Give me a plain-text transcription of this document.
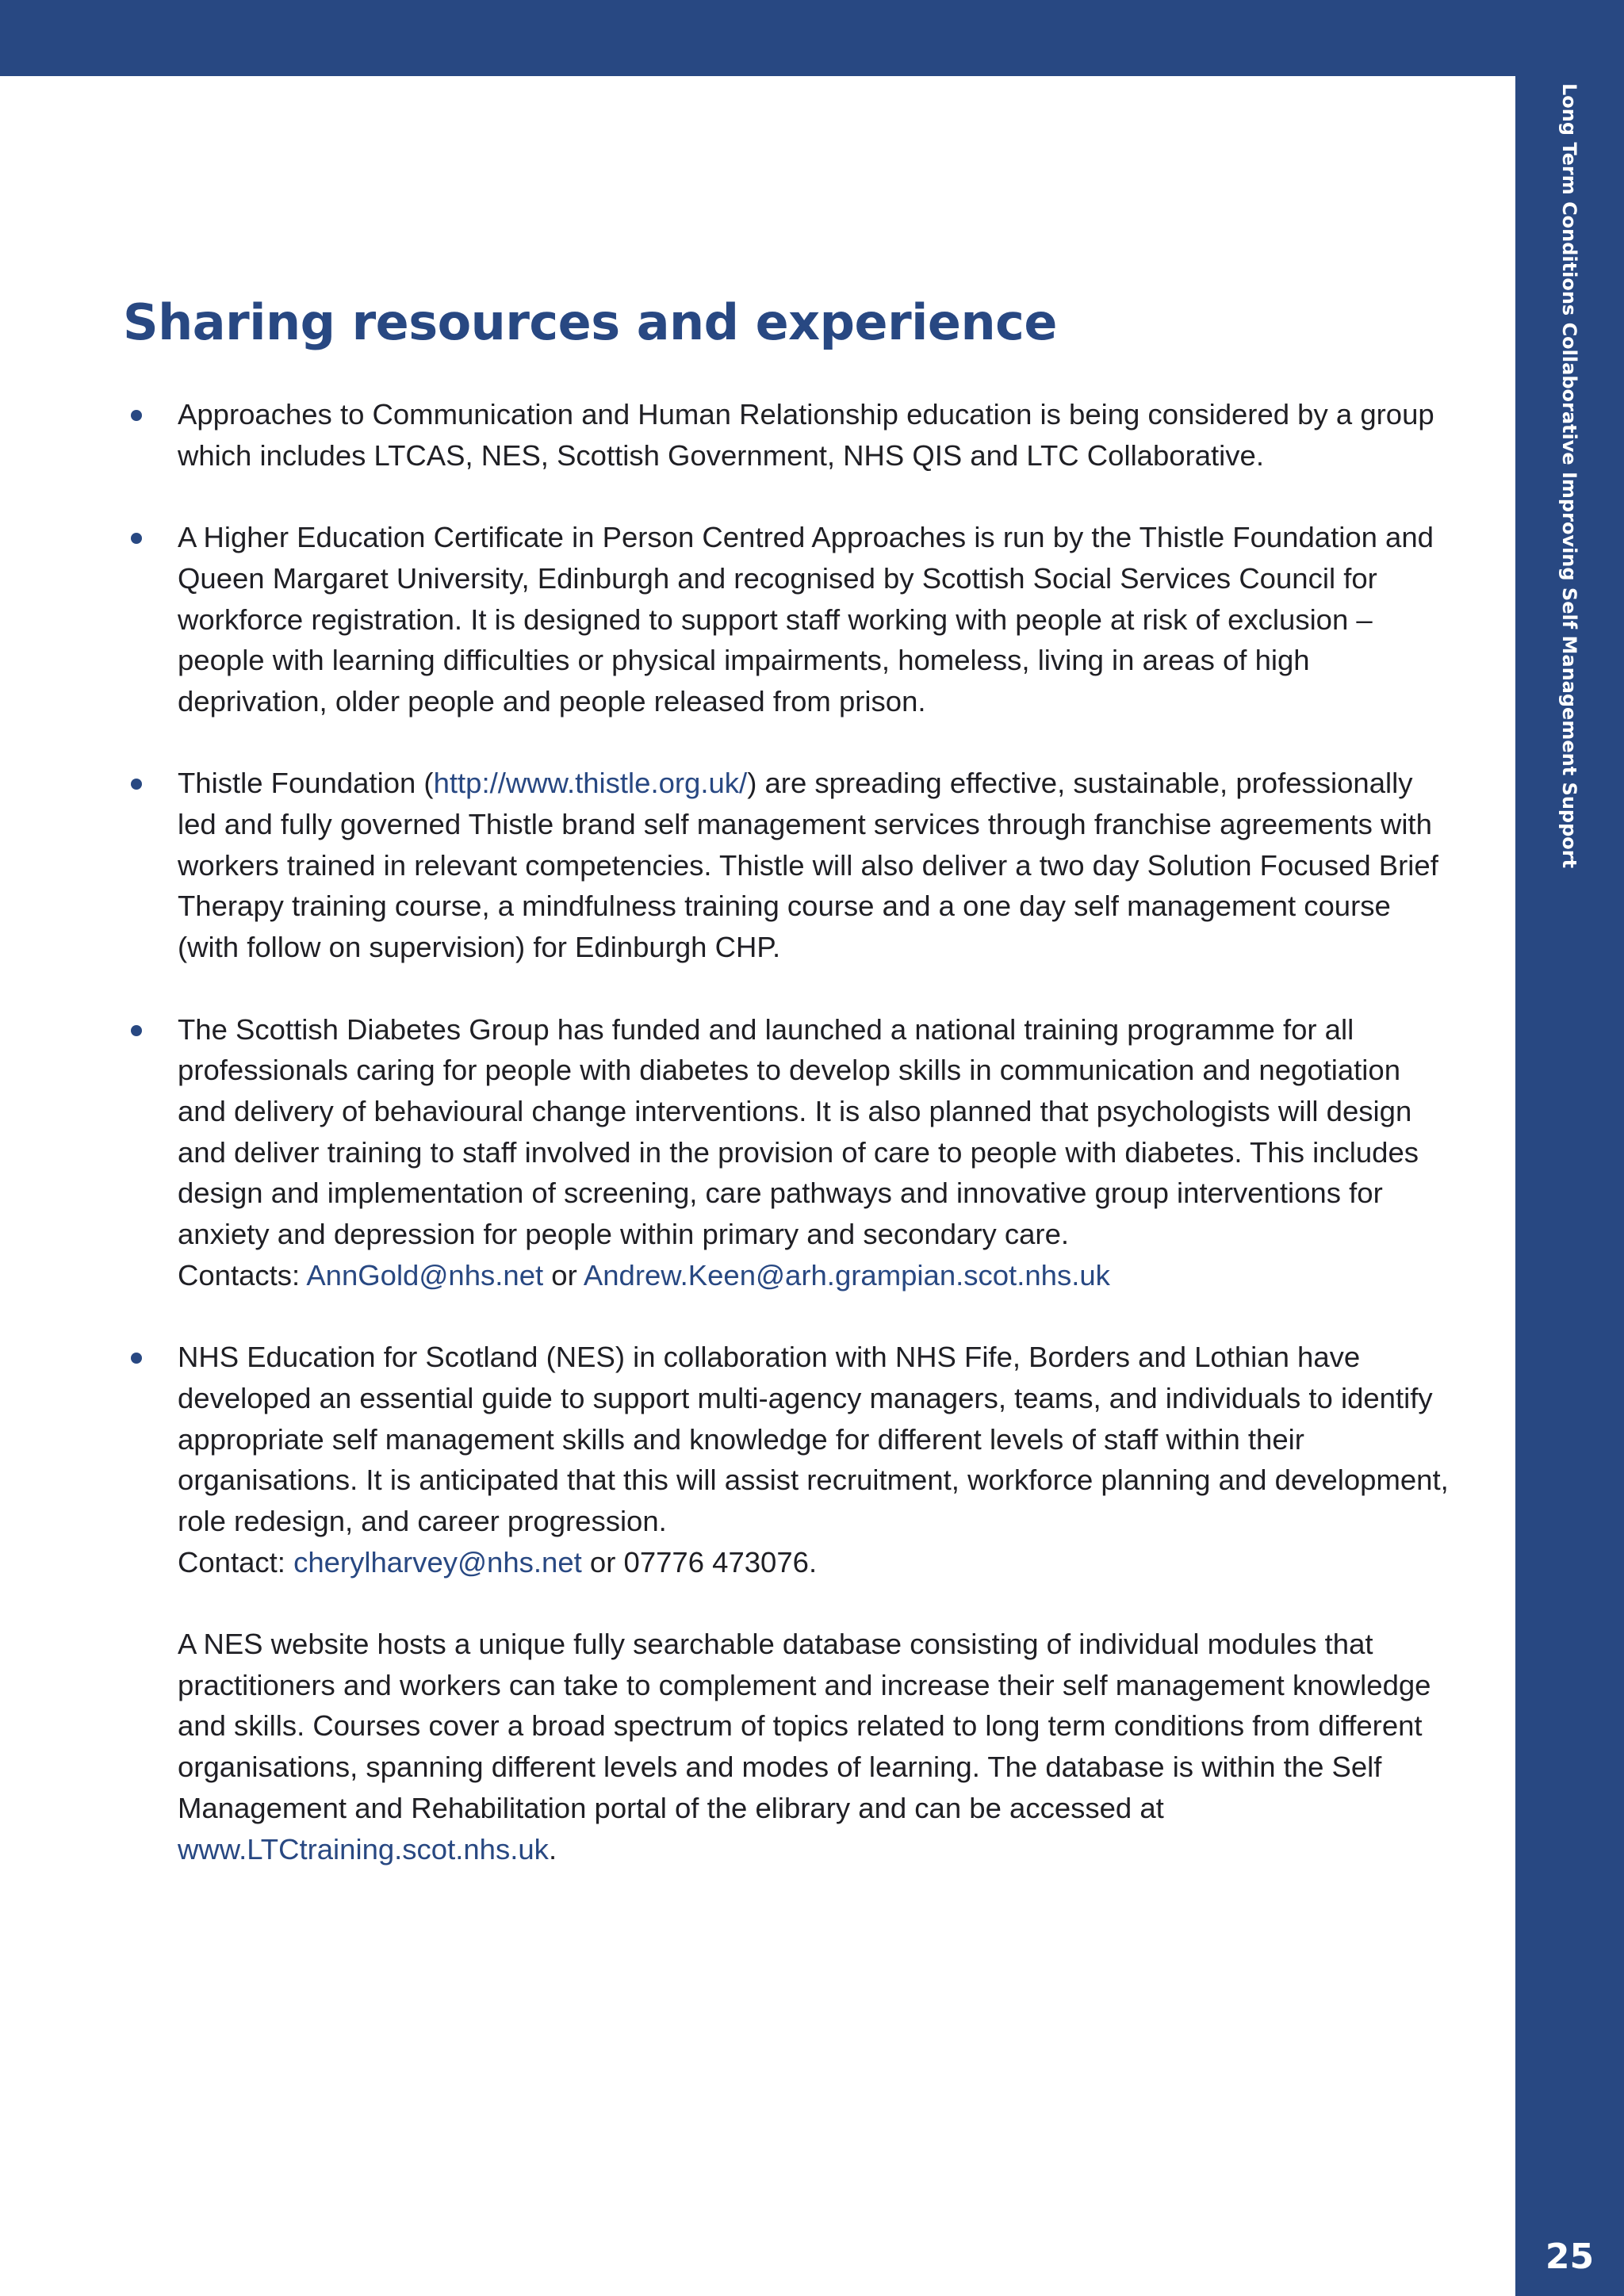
Long Term Conditions Collaborative Improving Self Management Support
25
Sharing resources and experience

Approaches to Communication and Human Relationship education is being considered by a group which includes LTCAS, NES, Scottish Government, NHS QIS and LTC Collaborative.

A Higher Education Certificate in Person Centred Approaches is run by the Thistle Foundation and Queen Margaret University, Edinburgh and recognised by Scottish Social Services Council for workforce registration. It is designed to support staff working with people at risk of exclusion – people with learning difficulties or physical impairments, homeless, living in areas of high deprivation, older people and people released from prison.

Thistle Foundation (http://www.thistle.org.uk/) are spreading effective, sustainable, professionally led and fully governed Thistle brand self management services through franchise agreements with workers trained in relevant competencies. Thistle will also deliver a two day Solution Focused Brief Therapy training course, a mindfulness training course and a one day self management course (with follow on supervision) for Edinburgh CHP.

The Scottish Diabetes Group has funded and launched a national training programme for all professionals caring for people with diabetes to develop skills in communication and negotiation and delivery of behavioural change interventions. It is also planned that psychologists will design and deliver training to staff involved in the provision of care to people with diabetes. This includes design and implementation of screening, care pathways and innovative group interventions for anxiety and depression for people within primary and secondary care.

Contacts: AnnGold@nhs.net or Andrew.Keen@arh.grampian.scot.nhs.uk

NHS Education for Scotland (NES) in collaboration with NHS Fife, Borders and Lothian have developed an essential guide to support multi-agency managers, teams, and individuals to identify appropriate self management skills and knowledge for different levels of staff within their organisations. It is anticipated that this will assist recruitment, workforce planning and development, role redesign, and career progression.

Contact: cherylharvey@nhs.net or 07776 473076.

A NES website hosts a unique fully searchable database consisting of individual modules that practitioners and workers can take to complement and increase their self management knowledge and skills. Courses cover a broad spectrum of topics related to long term conditions from different organisations, spanning different levels and modes of learning. The database is within the Self Management and Rehabilitation portal of the elibrary and can be accessed at www.LTCtraining.scot.nhs.uk.
